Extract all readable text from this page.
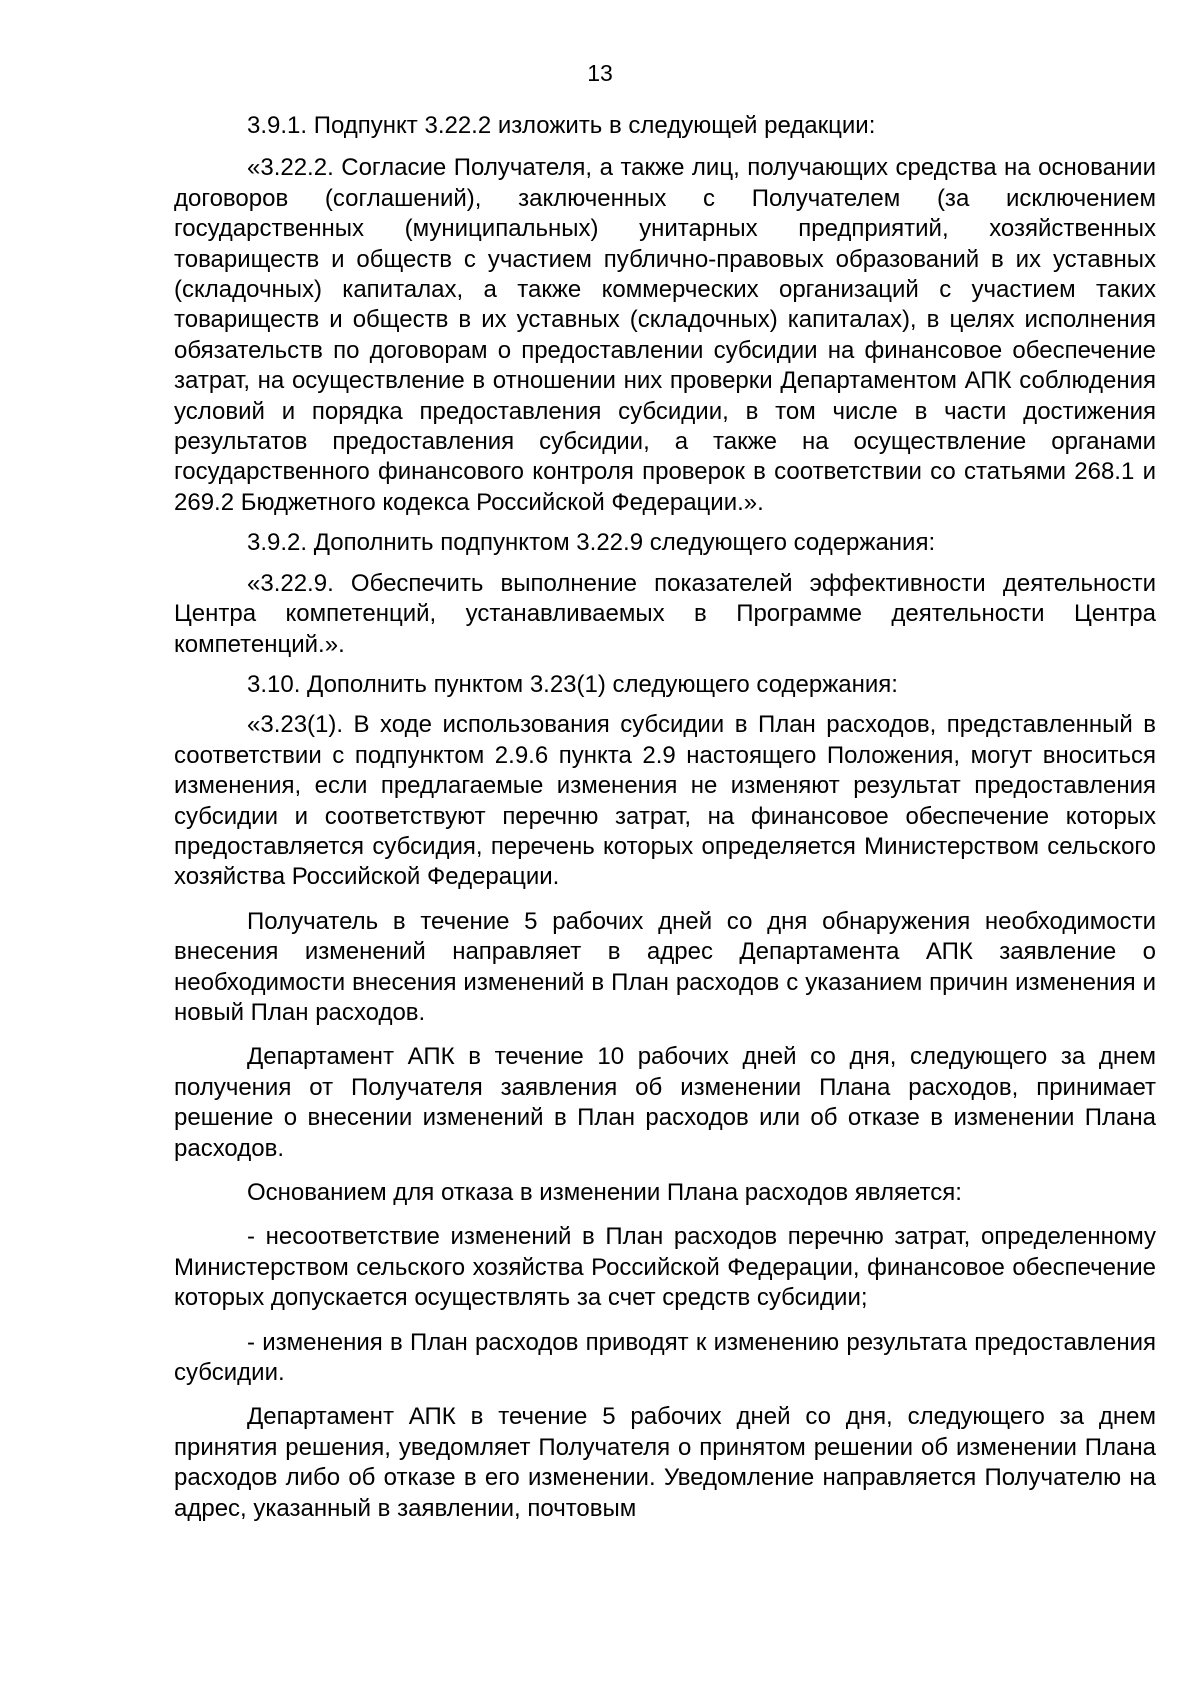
13

3.9.1. Подпункт 3.22.2 изложить в следующей редакции:

«3.22.2. Согласие Получателя, а также лиц, получающих средства на основании договоров (соглашений), заключенных с Получателем (за исключением государственных (муниципальных) унитарных предприятий, хозяйственных товариществ и обществ с участием публично-правовых образований в их уставных (складочных) капиталах, а также коммерческих организаций с участием таких товариществ и обществ в их уставных (складочных) капиталах), в целях исполнения обязательств по договорам о предоставлении субсидии на финансовое обеспечение затрат, на осуществление в отношении них проверки Департаментом АПК соблюдения условий и порядка предоставления субсидии, в том числе в части достижения результатов предоставления субсидии, а также на осуществление органами государственного финансового контроля проверок в соответствии со статьями 268.1 и 269.2 Бюджетного кодекса Российской Федерации.».

3.9.2. Дополнить подпунктом 3.22.9 следующего содержания:

«3.22.9. Обеспечить выполнение показателей эффективности деятельности Центра компетенций, устанавливаемых в Программе деятельности Центра компетенций.».

3.10. Дополнить пунктом 3.23(1) следующего содержания:

«3.23(1). В ходе использования субсидии в План расходов, представленный в соответствии с подпунктом 2.9.6 пункта 2.9 настоящего Положения, могут вноситься изменения, если предлагаемые изменения не изменяют результат предоставления субсидии и соответствуют перечню затрат, на финансовое обеспечение которых предоставляется субсидия, перечень которых определяется Министерством сельского хозяйства Российской Федерации.

Получатель в течение 5 рабочих дней со дня обнаружения необходимости внесения изменений направляет в адрес Департамента АПК заявление о необходимости внесения изменений в План расходов с указанием причин изменения и новый План расходов.

Департамент АПК в течение 10 рабочих дней со дня, следующего за днем получения от Получателя заявления об изменении Плана расходов, принимает решение о внесении изменений в План расходов или об отказе в изменении Плана расходов.

Основанием для отказа в изменении Плана расходов является:

- несоответствие изменений в План расходов перечню затрат, определенному Министерством сельского хозяйства Российской Федерации, финансовое обеспечение которых допускается осуществлять за счет средств субсидии;

- изменения в План расходов приводят к изменению результата предоставления субсидии.

Департамент АПК в течение 5 рабочих дней со дня, следующего за днем принятия решения, уведомляет Получателя о принятом решении об изменении Плана расходов либо об отказе в его изменении. Уведомление направляется Получателю на адрес, указанный в заявлении, почтовым
